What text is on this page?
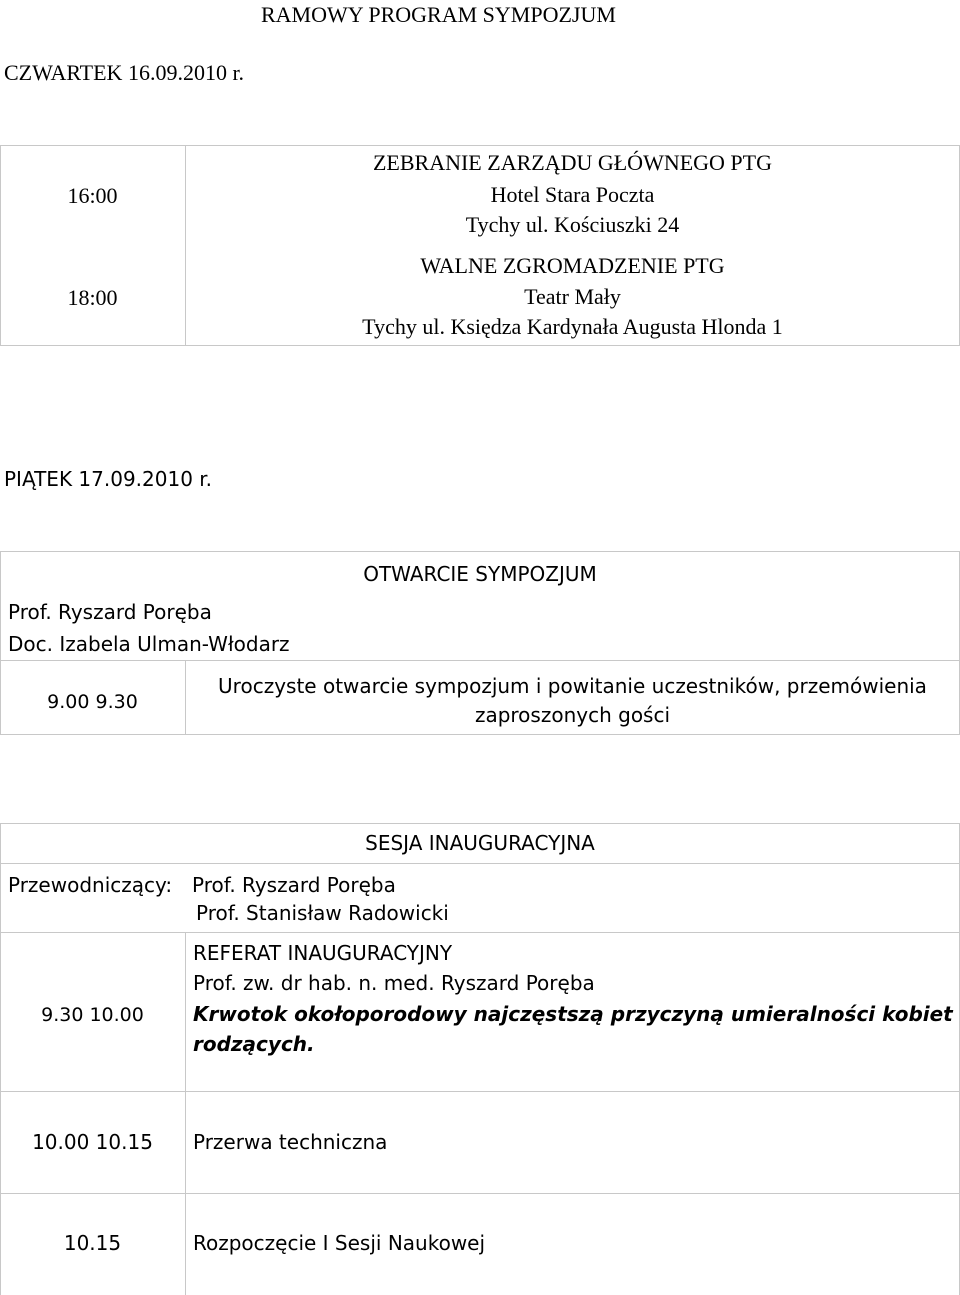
RAMOWY PROGRAM SYMPOZJUM
CZWARTEK 16.09.2010 r.
16:00
ZEBRANIE ZARZĄDU GŁÓWNEGO PTG
Hotel Stara Poczta
Tychy ul. Kościuszki 24
18:00
WALNE ZGROMADZENIE PTG
Teatr Mały
Tychy ul. Księdza Kardynała Augusta Hlonda 1
PIĄTEK 17.09.2010 r.
OTWARCIE SYMPOZJUM
Prof. Ryszard Poręba
Doc. Izabela Ulman-Włodarz
9.00 9.30
Uroczyste otwarcie sympozjum i powitanie uczestników, przemówienia
zaproszonych gości
SESJA INAUGURACYJNA
Przewodniczący: Prof. Ryszard Poręba
Prof. Stanisław Radowicki
9.30 10.00
REFERAT INAUGURACYJNY
Prof. zw. dr hab. n. med. Ryszard Poręba
Krwotok okołoporodowy najczęstszą przyczyną umieralności kobiet
rodzących.
10.00 10.15	Przerwa techniczna
10.15	Rozpoczęcie I Sesji Naukowej
